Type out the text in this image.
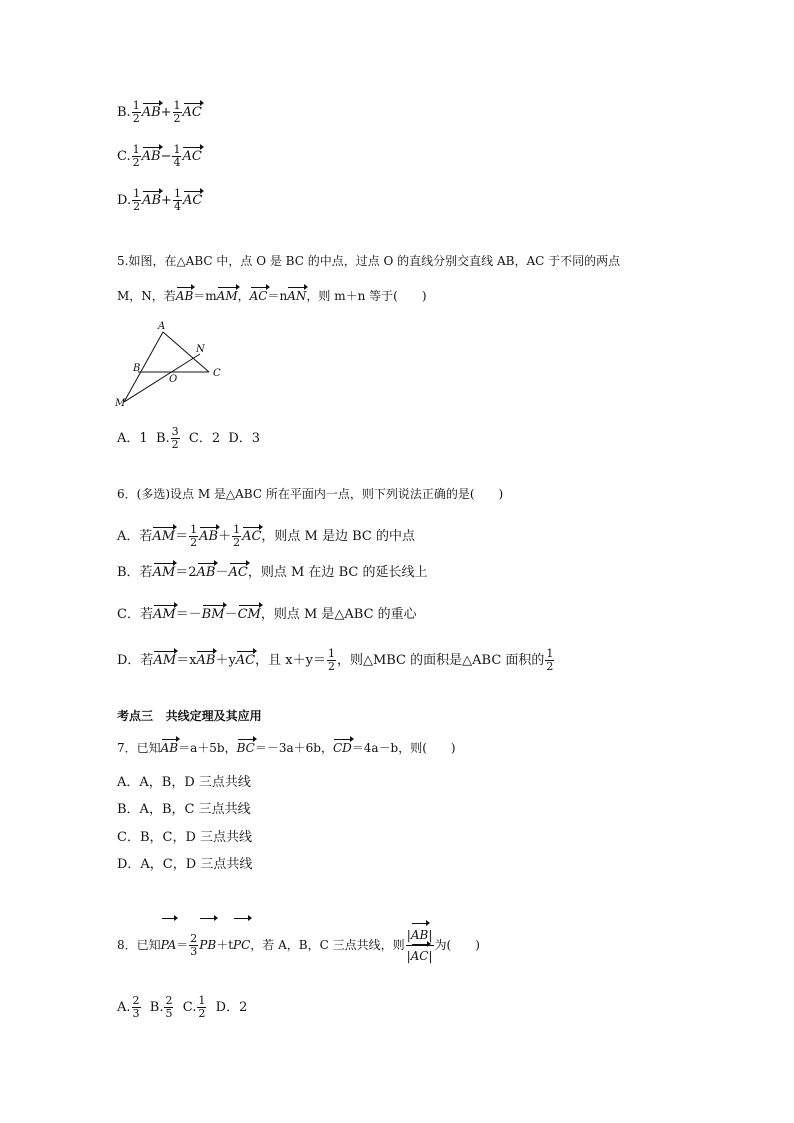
B. $\frac{1}{2} AB+ \frac{1}{2}$ AC
C. $\frac{1}{2} AB- \frac{1}{4}$ AC
D. $\frac{1}{2} AB+ \frac{1}{4}$ AC
5.如图，在△ABC 中，点 O 是 BC 的中点，过点 O 的直线分别交直线 AB，AC 于不同的两点
M，N，若AB＝mAM，AC＝nAN，则 m＋n 等于(　　)
A
B	C
M
N
O
A．1 B. $\frac{3}{2}$ C．2 D．3
6．(多选)设点 M 是△ABC 所在平面内一点，则下列说法正确的是(　　)
A．若$AM= \frac{1}{2} AB+ \frac{1}{2}$ AC，则点 M 是边 BC 的中点
B．若AM＝2AB－AC，则点 M 在边 BC 的延长线上
C．若AM＝－BM－CM，则点 M 是△ABC 的重心
D．若AM＝xAB＋yAC，且 $x+y= \frac{1}{2}$ ，则△MBC 的面积是△ABC 面积的 $\frac{1}{2}$
考点三 共线定理及其应用
7．已知AB＝a＋5b，BC＝－3a＋6b，CD＝4a－b，则(　　)
A．A，B，D 三点共线
B．A，B，C 三点共线
C．B，C，D 三点共线
D．A，C，D 三点共线
8．已知$PA= \frac{2}{3} PB+tPC$，若 A，B，C 三点共线，则 $\frac{|AB|}{|AC|}$ 为(　　)
A. $\frac{2}{3} B$. $\frac{2}{5} C$. $\frac{1}{2}$ D．2
